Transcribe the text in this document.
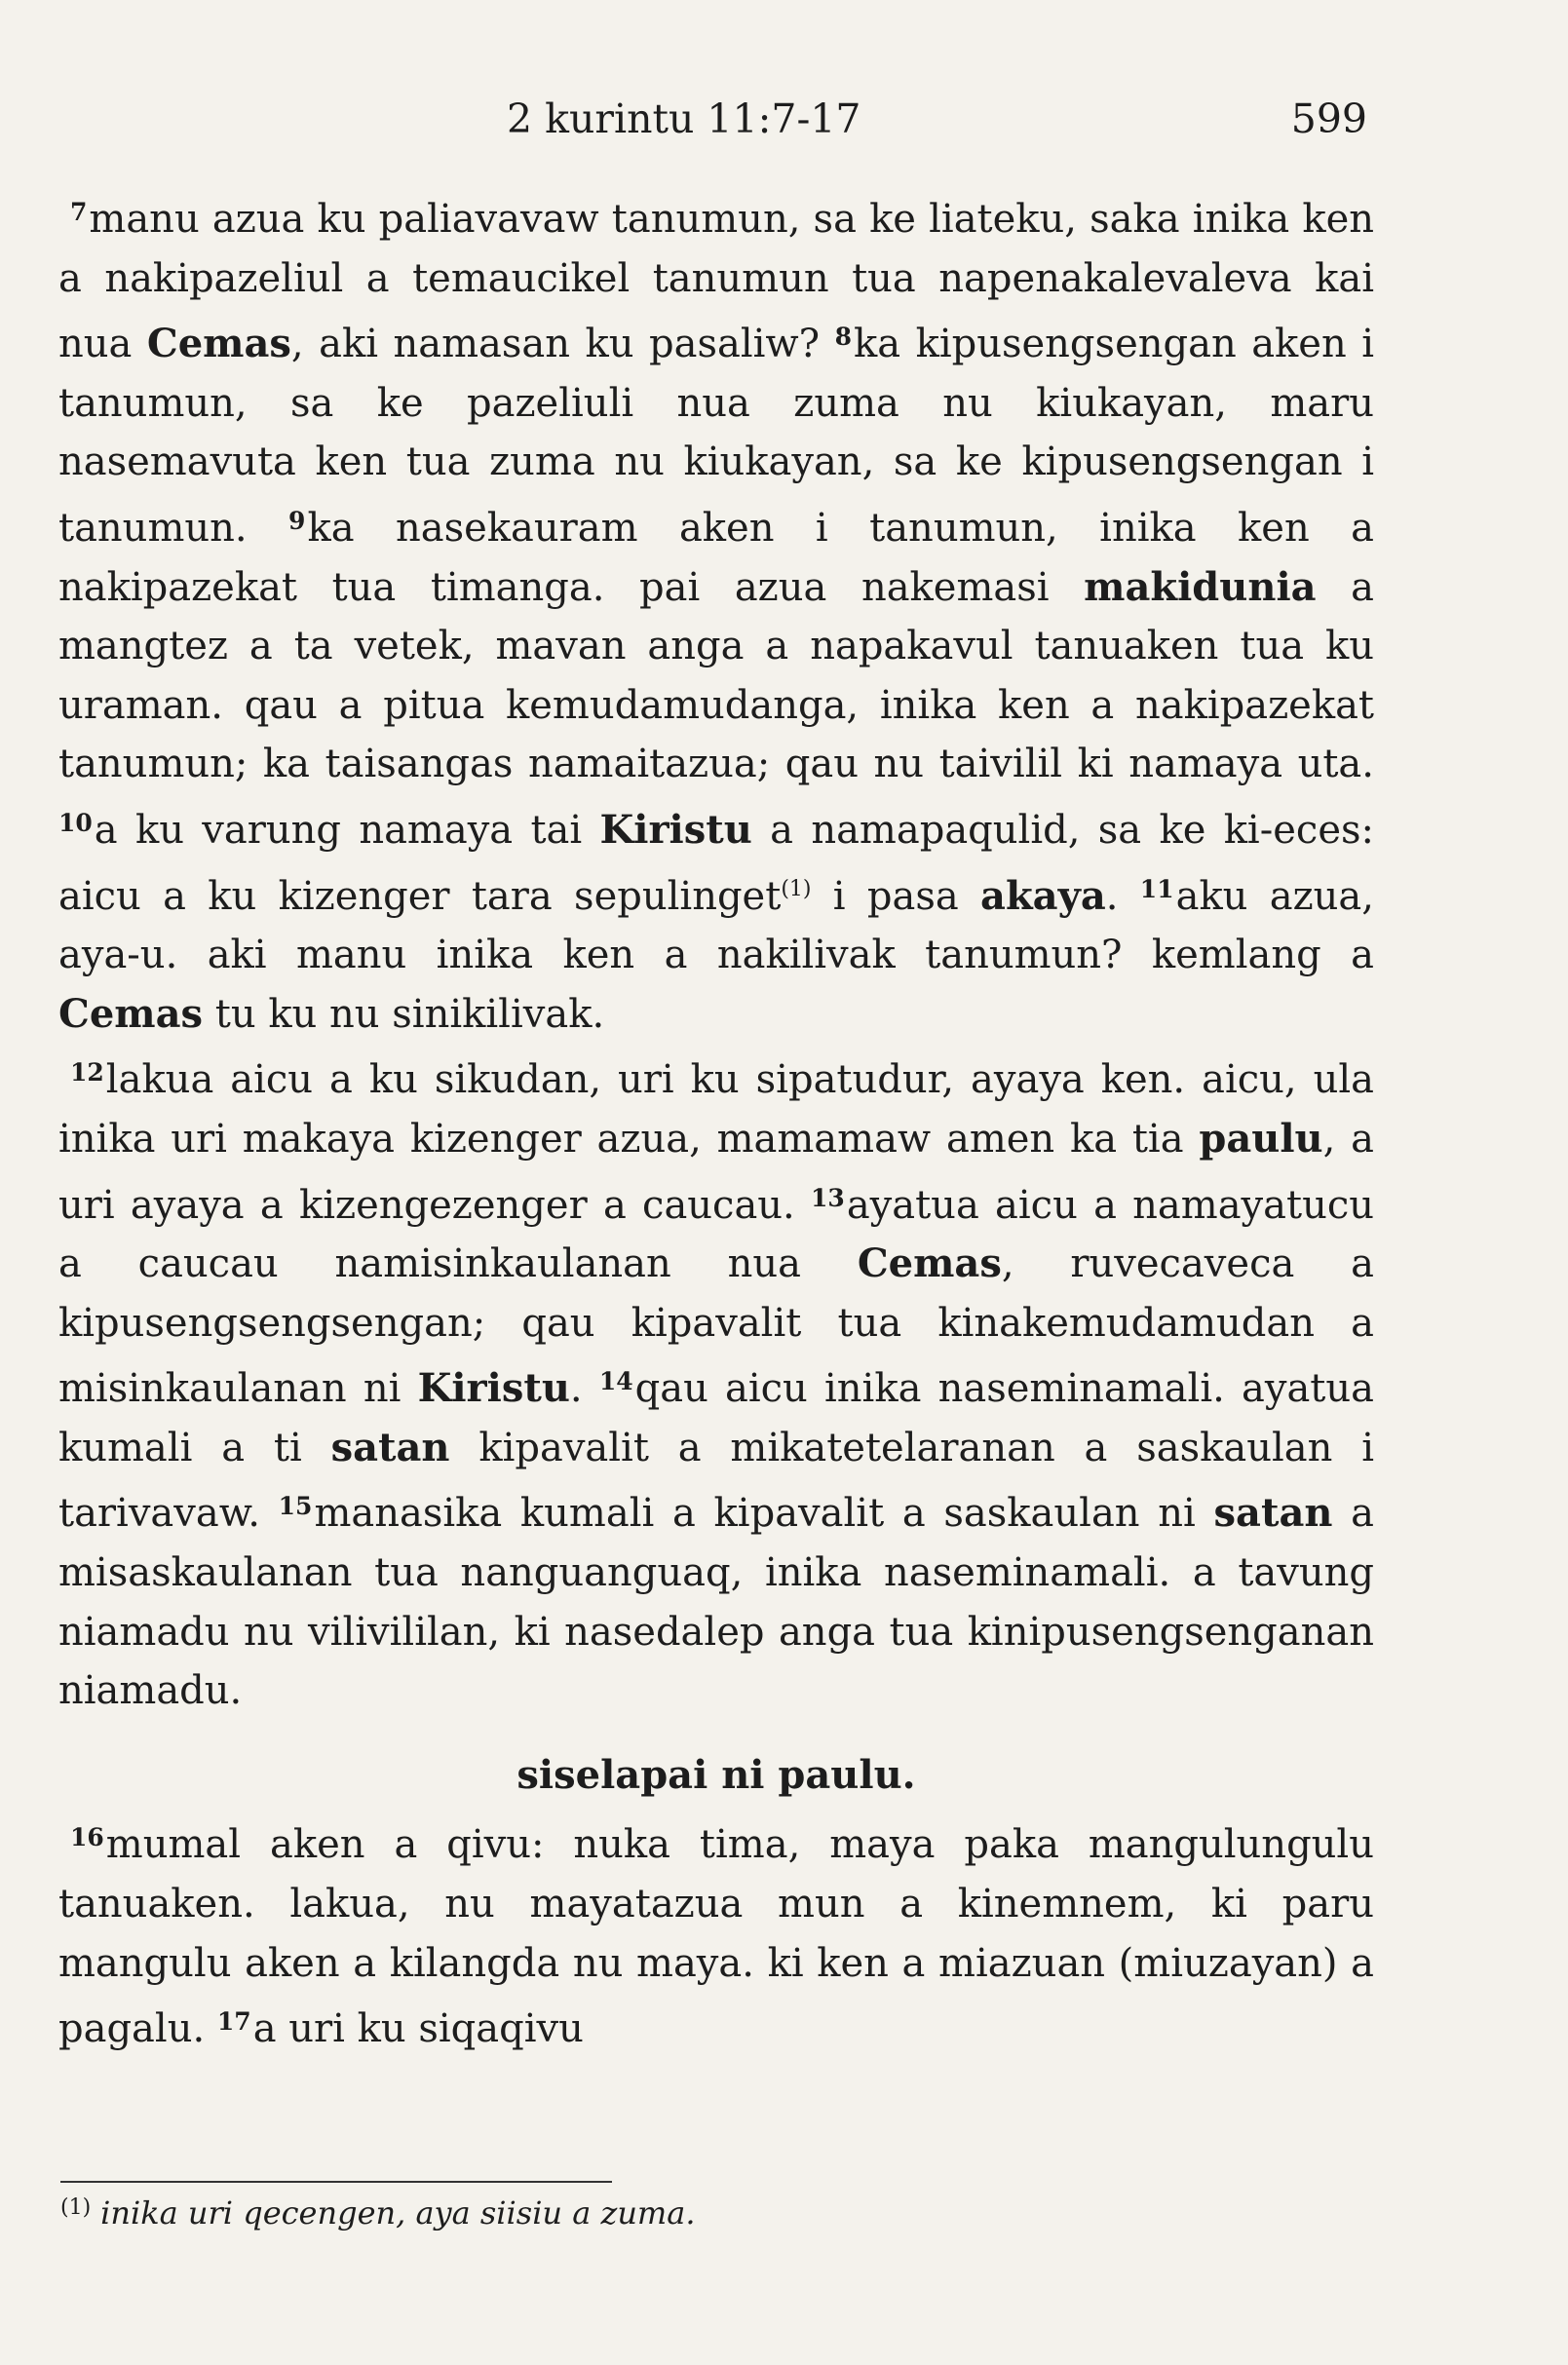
2 kurintu 11:7-17	599

$^7$manu azua ku paliavavaw tanumun, sa ke liateku, saka inika ken a nakipazeliul a temaucikel tanumun tua napenakalevaleva kai nua Cemas, aki namasan ku pasaliw? $^8$ka kipusengsengan aken i tanumun, sa ke pazeliuli nua zuma nu kiukayan, maru nasemavuta ken tua zuma nu kiukayan, sa ke kipusengsengan i tanumun. $^9$ka nasekauram aken i tanumun, inika ken a nakipazekat tua timanga. pai azua nakemasi makidunia a mangtez a ta vetek, mavan anga a napakavul tanuaken tua ku uraman. qau a pitua kemudamudanga, inika ken a nakipazekat tanumun; ka taisangas namaitazua; qau nu taivilil ki namaya uta. $^{10}$a ku varung namaya tai Kiristu a namapaqulid, sa ke ki-eces: aicu a ku kizenger tara sepulinget$^{(1)}$ i pasa akaya. $^{11}$aku azua, aya-u. aki manu inika ken a nakilivak tanumun? kemlang a Cemas tu ku nu sinikilivak.

$^{12}$lakua aicu a ku sikudan, uri ku sipatudur, ayaya ken. aicu, ula inika uri makaya kizenger azua, mamamaw amen ka tia paulu, a uri ayaya a kizengezenger a caucau. $^{13}$ayatua aicu a namayatucu a caucau namisinkaulanan nua Cemas, ruvecaveca a kipusengsengsengan; qau kipavalit tua kinakemudamudan a misinkaulanan ni Kiristu. $^{14}$qau aicu inika naseminamali. ayatua kumali a ti satan kipavalit a mikatetelaranan a saskaulan i tarivavaw. $^{15}$manasika kumali a kipavalit a saskaulan ni satan a misaskaulanan tua nanguanguaq, inika naseminamali. a tavung niamadu nu vilivililan, ki nasedalep anga tua kinipusengsenganan niamadu.

siselapai ni paulu.

$^{16}$mumal aken a qivu: nuka tima, maya paka mangulungulu tanuaken. lakua, nu mayatazua mun a kinemnem, ki paru mangulu aken a kilangda nu maya. ki ken a miazuan (miuzayan) a pagalu. $^{17}$a uri ku siqaqivu

$^{(1)}$ inika uri qecengen, aya siisiu a zuma.
